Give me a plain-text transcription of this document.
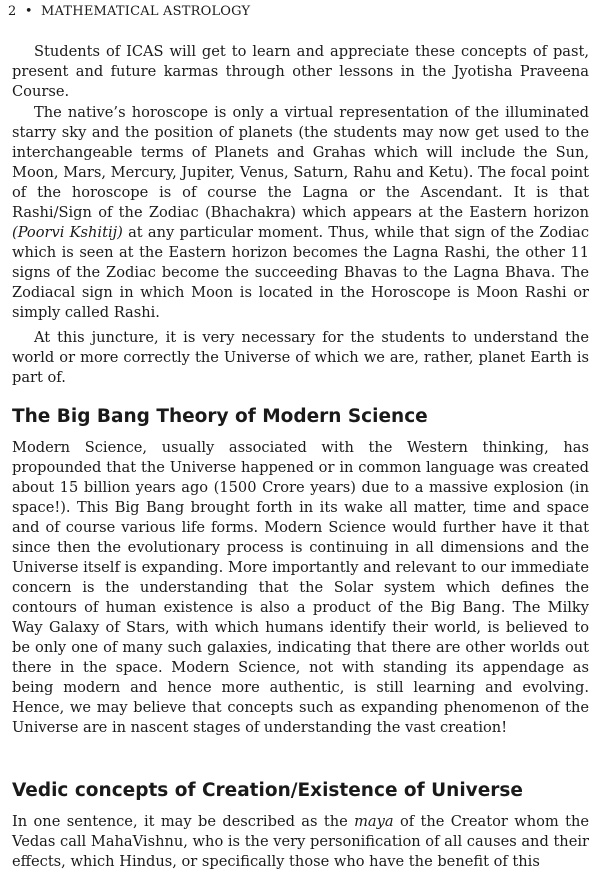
2 • MATHEMATICAL ASTROLOGY

Students of ICAS will get to learn and appreciate these concepts of past, present and future karmas through other lessons in the Jyotisha Praveena Course.

The native’s horoscope is only a virtual representation of the illuminated starry sky and the position of planets (the students may now get used to the interchangeable terms of Planets and Grahas which will include the Sun, Moon, Mars, Mercury, Jupiter, Venus, Saturn, Rahu and Ketu). The focal point of the horoscope is of course the Lagna or the Ascendant. It is that Rashi/Sign of the Zodiac (Bhachakra) which appears at the Eastern horizon (Poorvi Kshitij) at any particular moment. Thus, while that sign of the Zodiac which is seen at the Eastern horizon becomes the Lagna Rashi, the other 11 signs of the Zodiac become the succeeding Bhavas to the Lagna Bhava. The Zodiacal sign in which Moon is located in the Horoscope is Moon Rashi or simply called Rashi.

At this juncture, it is very necessary for the students to understand the world or more correctly the Universe of which we are, rather, planet Earth is part of.

The Big Bang Theory of Modern Science

Modern Science, usually associated with the Western thinking, has propounded that the Universe happened or in common language was created about 15 billion years ago (1500 Crore years) due to a massive explosion (in space!). This Big Bang brought forth in its wake all matter, time and space and of course various life forms. Modern Science would further have it that since then the evolutionary process is continuing in all dimensions and the Universe itself is expanding. More importantly and relevant to our immediate concern is the understanding that the Solar system which defines the contours of human existence is also a product of the Big Bang. The Milky Way Galaxy of Stars, with which humans identify their world, is believed to be only one of many such galaxies, indicating that there are other worlds out there in the space. Modern Science, not with standing its appendage as being modern and hence more authentic, is still learning and evolving. Hence, we may believe that concepts such as expanding phenomenon of the Universe are in nascent stages of understanding the vast creation!

Vedic concepts of Creation/Existence of Universe

In one sentence, it may be described as the maya of the Creator whom the Vedas call MahaVishnu, who is the very personification of all causes and their effects, which Hindus, or specifically those who have the benefit of this
